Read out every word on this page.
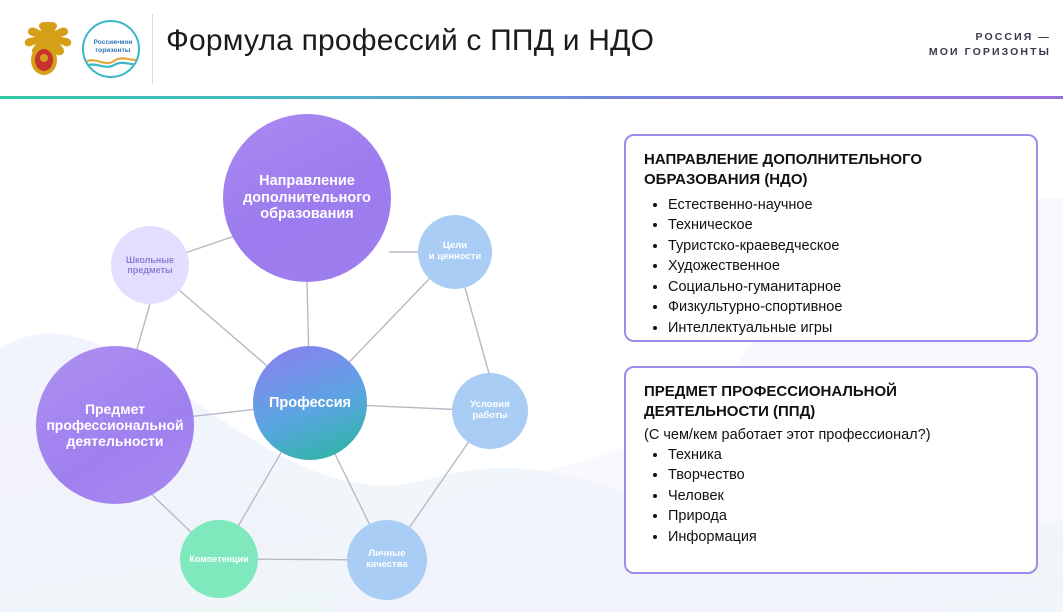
Россия•мои
горизонты	Формула профессий с ППД и НДО	РОССИЯ —
МОИ ГОРИЗОНТЫ
Направление
дополнительного
образования
Предмет
профессиональной
деятельности
Профессия
Школьные
предметы
Цели
и ценности
Условия
работы
Личные
качества
Компетенции
НАПРАВЛЕНИЕ ДОПОЛНИТЕЛЬНОГО ОБРАЗОВАНИЯ (НДО)
• Естественно-научное
• Техническое
• Туристско-краеведческое
• Художественное
• Социально-гуманитарное
• Физкультурно-спортивное
• Интеллектуальные игры
ПРЕДМЕТ ПРОФЕССИОНАЛЬНОЙ ДЕЯТЕЛЬНОСТИ (ППД)
(С чем/кем работает этот профессионал?)
• Техника
• Творчество
• Человек
• Природа
• Информация
